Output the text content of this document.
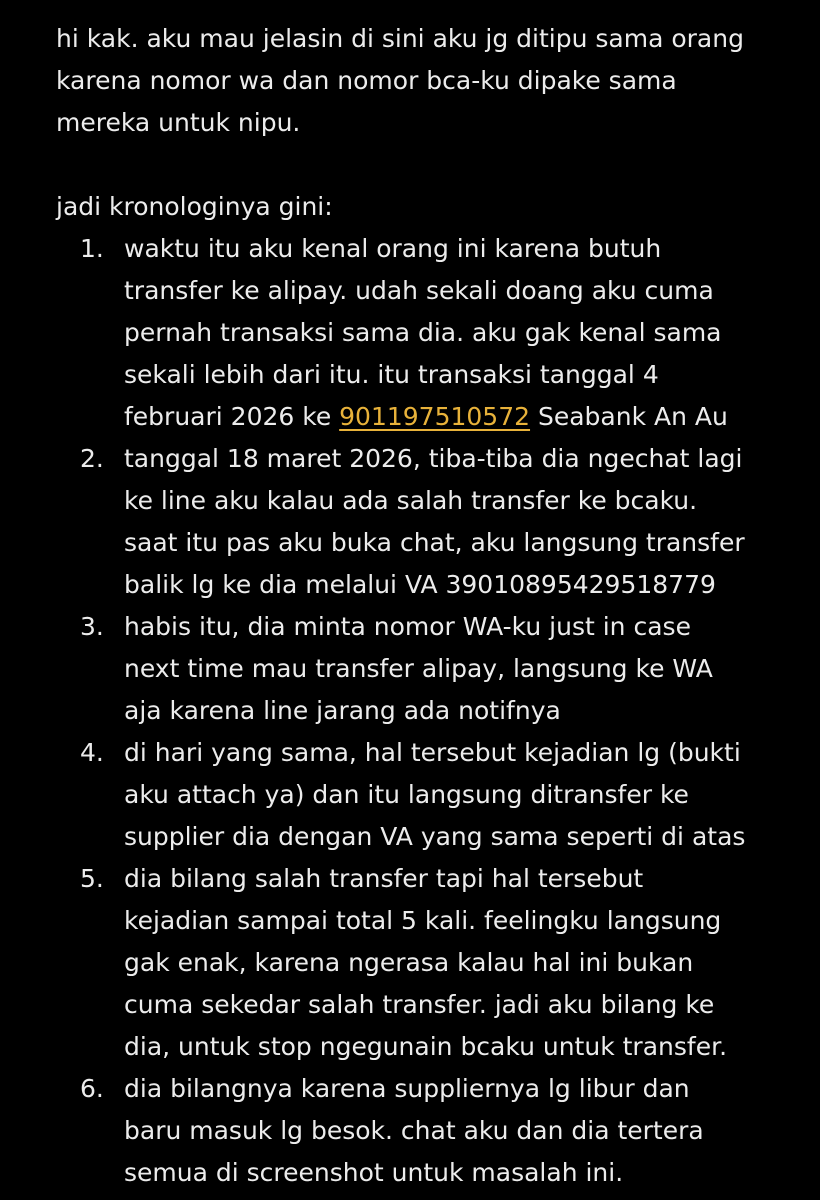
hi kak. aku mau jelasin di sini aku jg ditipu sama orang
karena nomor wa dan nomor bca-ku dipake sama
mereka untuk nipu.
jadi kronologinya gini:
1. waktu itu aku kenal orang ini karena butuh
transfer ke alipay. udah sekali doang aku cuma
pernah transaksi sama dia. aku gak kenal sama
sekali lebih dari itu. itu transaksi tanggal 4
februari 2026 ke 901197510572 Seabank An Au
2. tanggal 18 maret 2026, tiba-tiba dia ngechat lagi
ke line aku kalau ada salah transfer ke bcaku.
saat itu pas aku buka chat, aku langsung transfer
balik lg ke dia melalui VA 39010895429518779
3. habis itu, dia minta nomor WA-ku just in case
next time mau transfer alipay, langsung ke WA
aja karena line jarang ada notifnya
4. di hari yang sama, hal tersebut kejadian lg (bukti
aku attach ya) dan itu langsung ditransfer ke
supplier dia dengan VA yang sama seperti di atas
5. dia bilang salah transfer tapi hal tersebut
kejadian sampai total 5 kali. feelingku langsung
gak enak, karena ngerasa kalau hal ini bukan
cuma sekedar salah transfer. jadi aku bilang ke
dia, untuk stop ngegunain bcaku untuk transfer.
6. dia bilangnya karena suppliernya lg libur dan
baru masuk lg besok. chat aku dan dia tertera
semua di screenshot untuk masalah ini.
